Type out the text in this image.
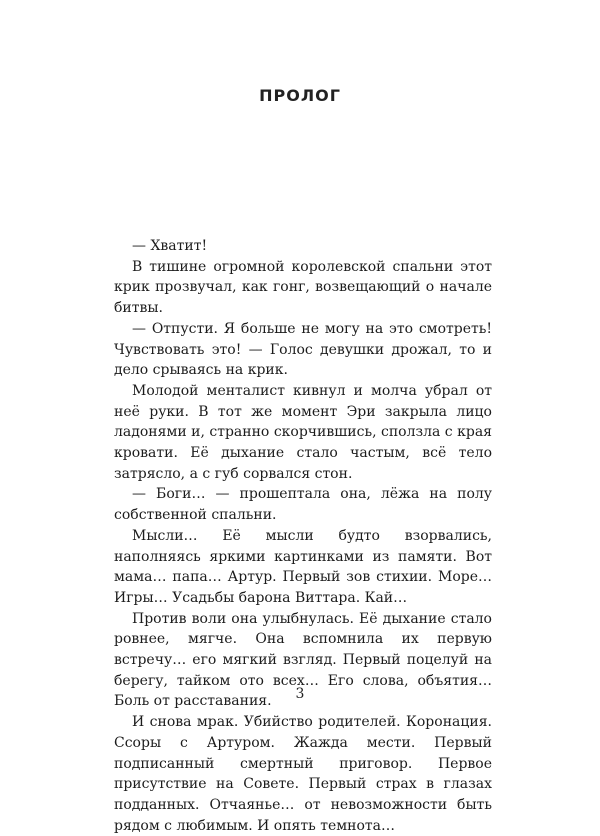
ПРОЛОГ

— Хватит!

В тишине огромной королевской спальни этот крик прозвучал, как гонг, возвещающий о начале битвы.

— Отпусти. Я больше не могу на это смотреть! Чувствовать это! — Голос девушки дрожал, то и дело срываясь на крик.

Молодой менталист кивнул и молча убрал от неё руки. В тот же момент Эри закрыла лицо ладонями и, странно скорчившись, сползла с края кровати. Её дыхание стало частым, всё тело затрясло, а с губ сорвался стон.

— Боги… — прошептала она, лёжа на полу собственной спальни.

Мысли… Её мысли будто взорвались, наполняясь яркими картинками из памяти. Вот мама… папа… Артур. Первый зов стихии. Море… Игры… Усадьбы барона Виттара. Кай…

Против воли она улыбнулась. Её дыхание стало ровнее, мягче. Она вспомнила их первую встречу… его мягкий взгляд. Первый поцелуй на берегу, тайком ото всех… Его слова, объятия… Боль от расставания.

И снова мрак. Убийство родителей. Коронация. Ссоры с Артуром. Жажда мести. Первый подписанный смертный приговор. Первое присутствие на Совете. Первый страх в глазах подданных. Отчаянье… от невозможности быть рядом с любимым. И опять темнота…

3
